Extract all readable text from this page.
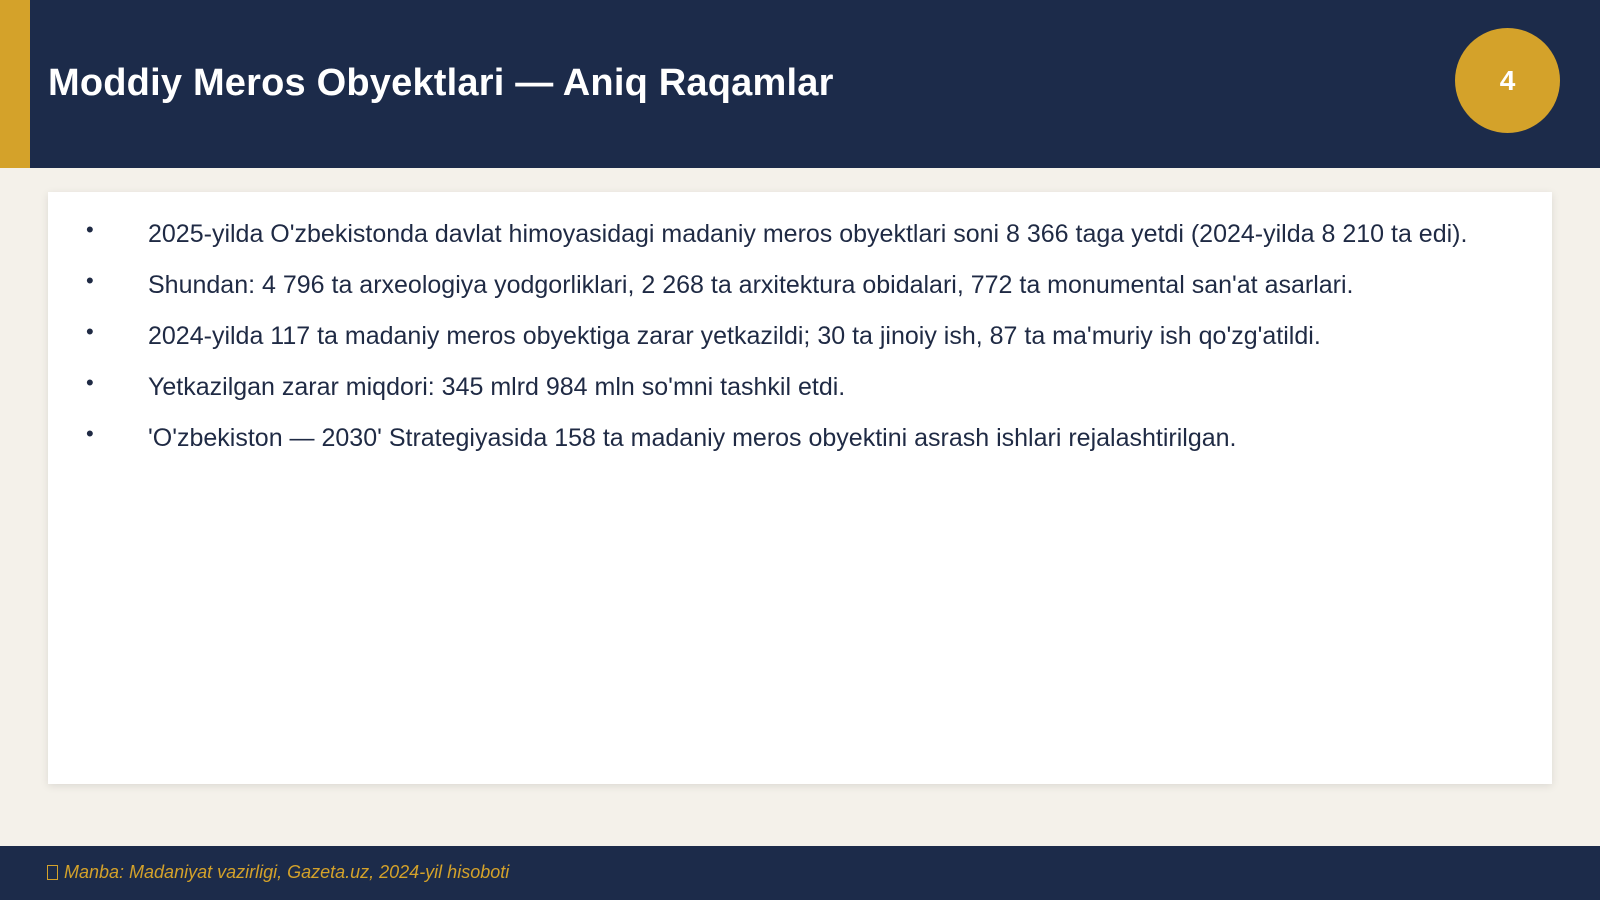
Moddiy Meros Obyektlari — Aniq Raqamlar	4
• 2025-yilda O'zbekistonda davlat himoyasidagi madaniy meros obyektlari soni 8 366 taga yetdi (2024-yilda 8 210 ta edi).
• Shundan: 4 796 ta arxeologiya yodgorliklari, 2 268 ta arxitektura obidalari, 772 ta monumental san'at asarlari.
• 2024-yilda 117 ta madaniy meros obyektiga zarar yetkazildi; 30 ta jinoiy ish, 87 ta ma'muriy ish qo'zg'atildi.
• Yetkazilgan zarar miqdori: 345 mlrd 984 mln so'mni tashkil etdi.
• 'O'zbekiston — 2030' Strategiyasida 158 ta madaniy meros obyektini asrash ishlari rejalashtirilgan.
Manba: Madaniyat vazirligi, Gazeta.uz, 2024-yil hisoboti
